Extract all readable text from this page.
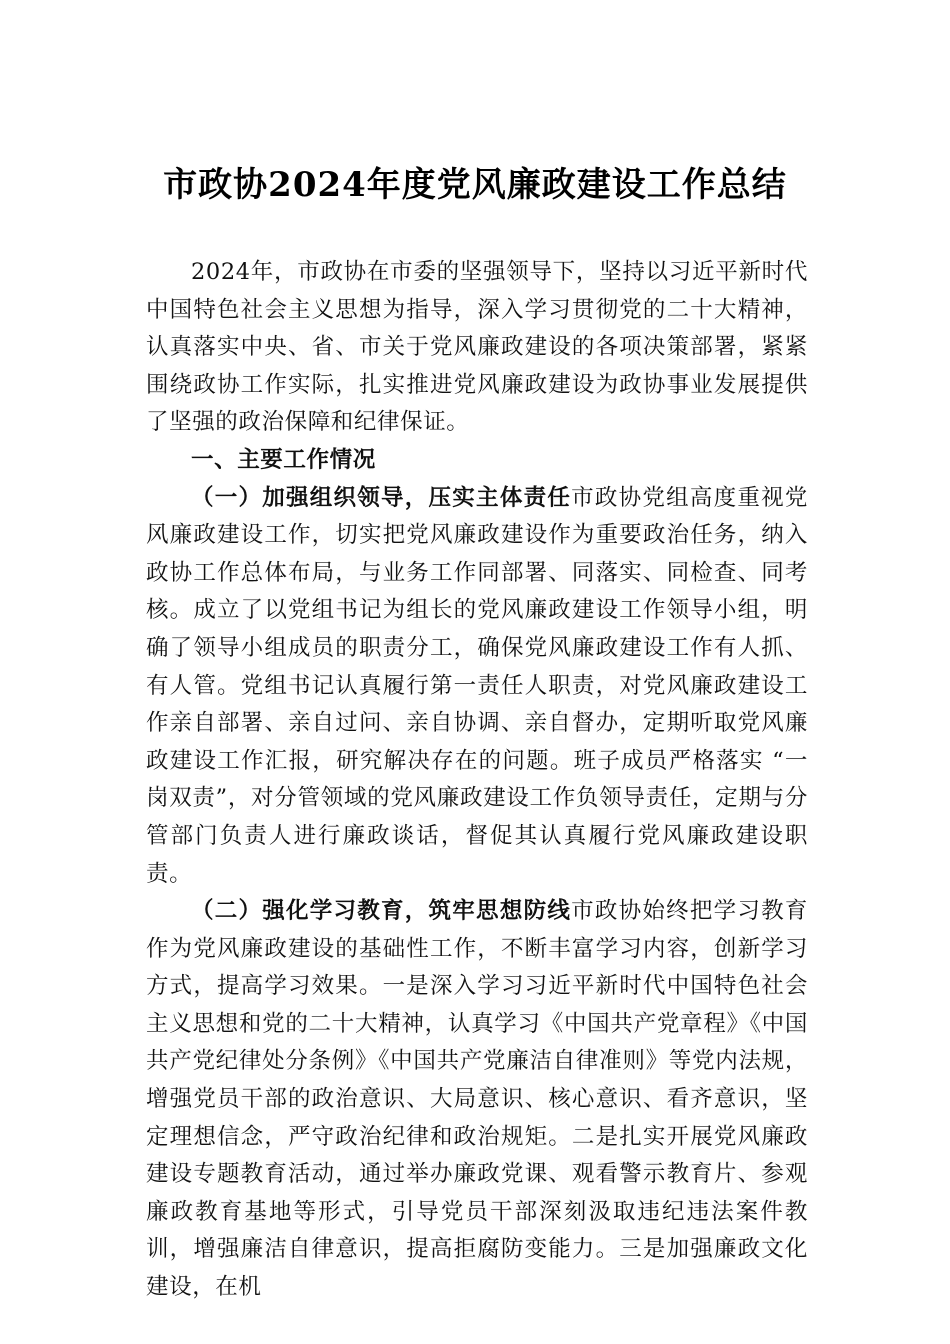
市政协2024年度党风廉政建设工作总结

2024年，市政协在市委的坚强领导下，坚持以习近平新时代中国特色社会主义思想为指导，深入学习贯彻党的二十大精神，认真落实中央、省、市关于党风廉政建设的各项决策部署，紧紧围绕政协工作实际，扎实推进党风廉政建设为政协事业发展提供了坚强的政治保障和纪律保证。

一、主要工作情况

（一）加强组织领导，压实主体责任市政协党组高度重视党风廉政建设工作，切实把党风廉政建设作为重要政治任务，纳入政协工作总体布局，与业务工作同部署、同落实、同检查、同考核。成立了以党组书记为组长的党风廉政建设工作领导小组，明确了领导小组成员的职责分工，确保党风廉政建设工作有人抓、有人管。党组书记认真履行第一责任人职责，对党风廉政建设工作亲自部署、亲自过问、亲自协调、亲自督办，定期听取党风廉政建设工作汇报，研究解决存在的问题。班子成员严格落实 “一岗双责”，对分管领域的党风廉政建设工作负领导责任，定期与分管部门负责人进行廉政谈话，督促其认真履行党风廉政建设职责。

（二）强化学习教育，筑牢思想防线市政协始终把学习教育作为党风廉政建设的基础性工作，不断丰富学习内容，创新学习方式，提高学习效果。一是深入学习习近平新时代中国特色社会主义思想和党的二十大精神，认真学习《中国共产党章程》《中国共产党纪律处分条例》《中国共产党廉洁自律准则》等党内法规，增强党员干部的政治意识、大局意识、核心意识、看齐意识，坚定理想信念，严守政治纪律和政治规矩。二是扎实开展党风廉政建设专题教育活动，通过举办廉政党课、观看警示教育片、参观廉政教育基地等形式，引导党员干部深刻汲取违纪违法案件教训，增强廉洁自律意识，提高拒腐防变能力。三是加强廉政文化建设，在机
